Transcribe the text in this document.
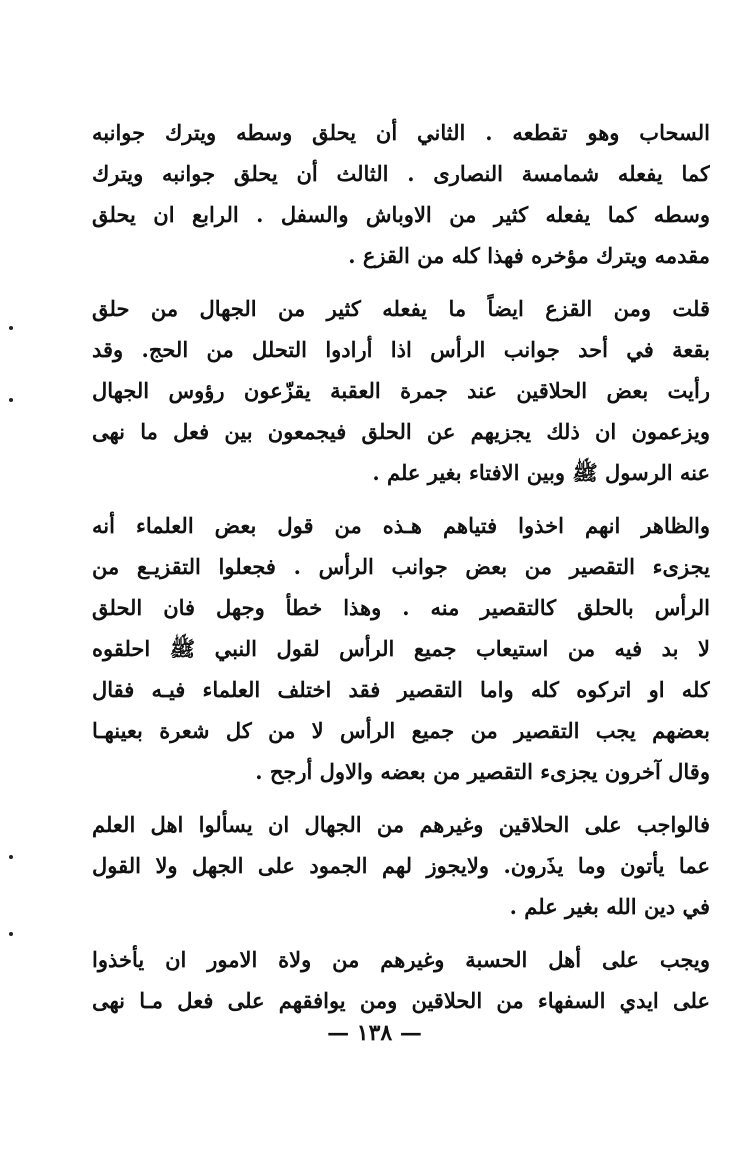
السحاب وهو تقطعه . الثاني أن يحلق وسطه ويترك جوانبه
كما يفعله شمامسة النصارى . الثالث أن يحلق جوانبه ويترك
وسطه كما يفعله كثير من الاوباش والسفل . الرابع ان يحلق
مقدمه ويترك مؤخره فهذا كله من القزع .
قلت ومن القزع ايضاً ما يفعله كثير من الجهال من حلق
بقعة في أحد جوانب الرأس اذا أرادوا التحلل من الحج. وقد
رأيت بعض الحلاقين عند جمرة العقبة يقزّعون رؤوس الجهال
ويزعمون ان ذلك يجزيهم عن الحلق فيجمعون بين فعل ما نهى
عنه الرسول ﷺ وبين الافتاء بغير علم .
والظاهر انهم اخذوا فتياهم هـذه من قول بعض العلماء أنه
يجزىء التقصير من بعض جوانب الرأس . فجعلوا التقزيـع من
الرأس بالحلق كالتقصير منه . وهذا خطأ وجهل فان الحلق
لا بد فيه من استيعاب جميع الرأس لقول النبي ﷺ احلقوه
كله او اتركوه كله واما التقصير فقد اختلف العلماء فيـه فقال
بعضهم يجب التقصير من جميع الرأس لا من كل شعرة بعينهـا
وقال آخرون يجزىء التقصير من بعضه والاول أرجح .
فالواجب على الحلاقين وغيرهم من الجهال ان يسألوا اهل العلم
عما يأتون وما يذَرون. ولايجوز لهم الجمود على الجهل ولا القول
في دين الله بغير علم .
ويجب على أهل الحسبة وغيرهم من ولاة الامور ان يأخذوا
على ايدي السفهاء من الحلاقين ومن يوافقهم على فعل مـا نهى
— ١٣٨ —
